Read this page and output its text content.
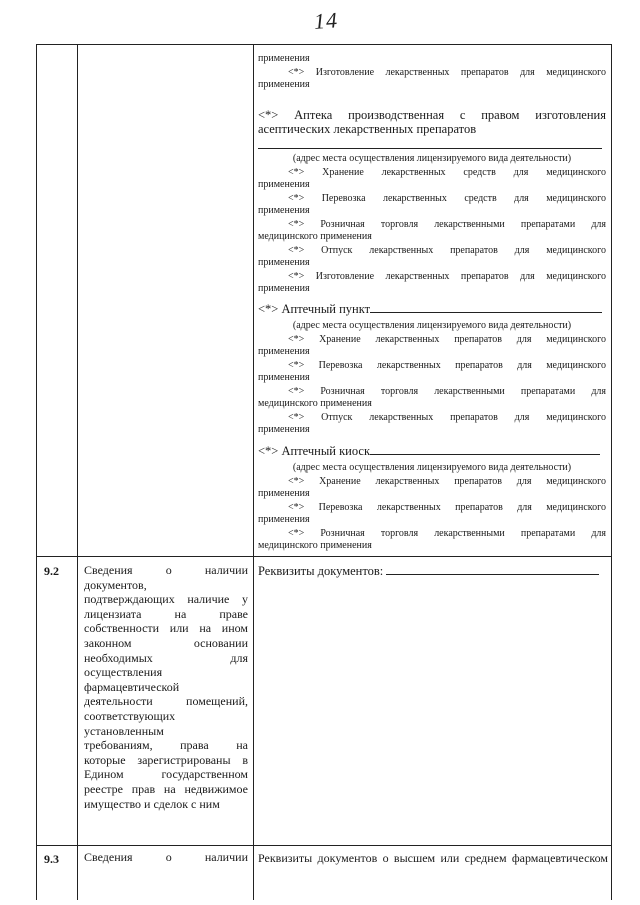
14
применения
<*> Изготовление лекарственных препаратов для медицинского
применения
<*> Аптека производственная с правом изготовления
асептических лекарственных препаратов
(адрес места осуществления лицензируемого вида деятельности)
<*> Хранение лекарственных средств для медицинского
применения
<*> Перевозка лекарственных средств для медицинского
применения
<*> Розничная торговля лекарственными препаратами для
медицинского применения
<*> Отпуск лекарственных препаратов для медицинского
применения
<*> Изготовление лекарственных препаратов для медицинского
применения
<*> Аптечный пункт
(адрес места осуществления лицензируемого вида деятельности)
<*> Хранение лекарственных препаратов для медицинского
применения
<*> Перевозка лекарственных препаратов для медицинского
применения
<*> Розничная торговля лекарственными препаратами для
медицинского применения
<*> Отпуск лекарственных препаратов для медицинского
применения
<*> Аптечный киоск
(адрес места осуществления лицензируемого вида деятельности)
<*> Хранение лекарственных препаратов для медицинского
применения
<*> Перевозка лекарственных препаратов для медицинского
применения
<*> Розничная торговля лекарственными препаратами для
медицинского применения
9.2 Сведения о наличии
документов,
подтверждающих наличие у
лицензиата на праве
собственности или на ином
законном основании
необходимых для
осуществления
фармацевтической
деятельности помещений,
соответствующих
установленным
требованиям, права на
которые зарегистрированы в
Едином государственном
реестре прав на недвижимое
имущество и сделок с ним
Реквизиты документов:
9.3 Сведения о наличии Реквизиты документов о высшем или среднем фармацевтическом
